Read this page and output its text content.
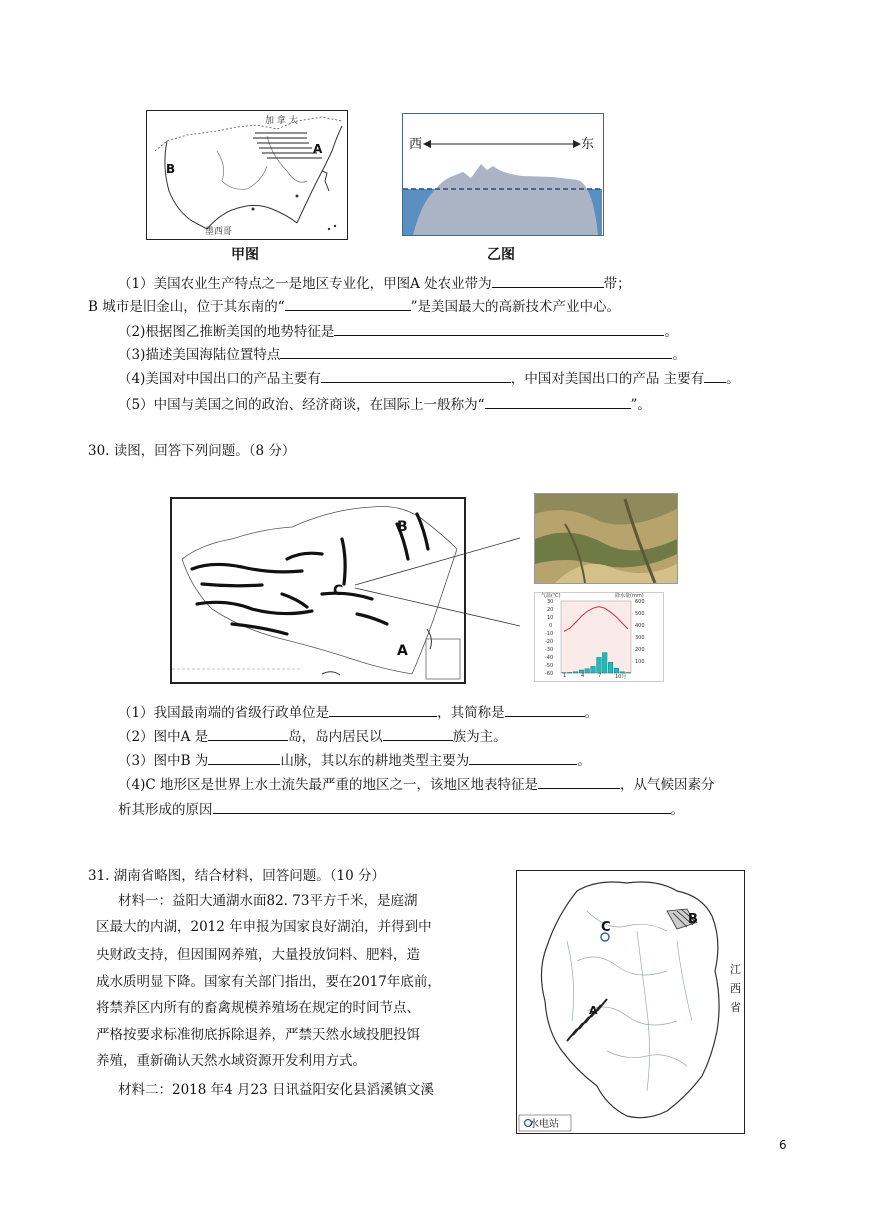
加 拿 大
墨西哥
A
B
甲图
西	东
乙图
（1）美国农业生产特点之一是地区专业化，甲图A 处农业带为	带；
B 城市是旧金山，位于其东南的“	”是美国最大的高新技术产业中心。
（2)根据图乙推断美国的地势特征是	。
（3)描述美国海陆位置特点	。
（4)美国对中国出口的产品主要有	，中国对美国出口的产品 主要有 。
（5）中国与美国之间的政治、经济商谈，在国际上一般称为“	”。
30. 读图，回答下列问题。（8 分）
B
C
A
气温(℃)	降水量(mm)
30
20
10
0
-10
-20
-30
-40
-50
-60
600
500
400
300
200
100
1	4	7	10月
（1）我国最南端的省级行政单位是	，其简称是	。
（2）图中A 是	岛，岛内居民以	族为主。
（3）图中B 为	山脉，其以东的耕地类型主要为	。
（4)C 地形区是世界上水土流失最严重的地区之一，该地区地表特征是	，从气候因素分
析其形成的原因	。
31. 湖南省略图，结合材料，回答问题。（10 分）
材料一：益阳大通湖水面82. 73平方千米，是庭湖
区最大的内湖，2012 年申报为国家良好湖泊，并得到中
央财政支持，但因围网养殖，大量投放饲料、肥料，造
成水质明显下降。国家有关部门指出，要在2017年底前，
将禁养区内所有的畜禽规模养殖场在规定的时间节点、
严格按要求标准彻底拆除退养，严禁天然水域投肥投饵
养殖，重新确认天然水域资源开发利用方式。
材料二：2018 年4 月23 日讯益阳安化县滔溪镇文溪
C
B
A
江
西
省
水电站
6
